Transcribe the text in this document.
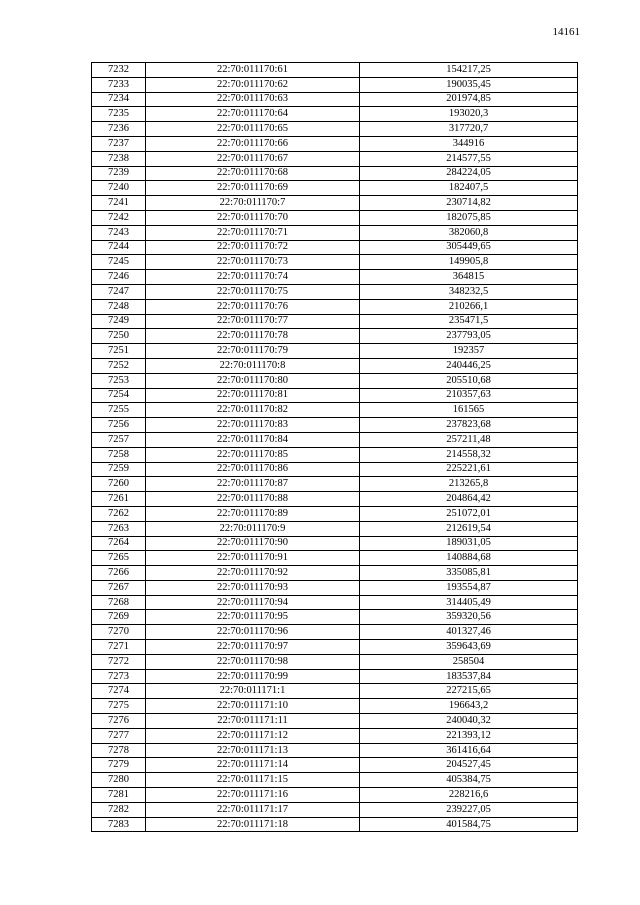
14161
7232	22:70:011170:61	154217,25
7233	22:70:011170:62	190035,45
7234	22:70:011170:63	201974,85
7235	22:70:011170:64	193020,3
7236	22:70:011170:65	317720,7
7237	22:70:011170:66	344916
7238	22:70:011170:67	214577,55
7239	22:70:011170:68	284224,05
7240	22:70:011170:69	182407,5
7241	22:70:011170:7	230714,82
7242	22:70:011170:70	182075,85
7243	22:70:011170:71	382060,8
7244	22:70:011170:72	305449,65
7245	22:70:011170:73	149905,8
7246	22:70:011170:74	364815
7247	22:70:011170:75	348232,5
7248	22:70:011170:76	210266,1
7249	22:70:011170:77	235471,5
7250	22:70:011170:78	237793,05
7251	22:70:011170:79	192357
7252	22:70:011170:8	240446,25
7253	22:70:011170:80	205510,68
7254	22:70:011170:81	210357,63
7255	22:70:011170:82	161565
7256	22:70:011170:83	237823,68
7257	22:70:011170:84	257211,48
7258	22:70:011170:85	214558,32
7259	22:70:011170:86	225221,61
7260	22:70:011170:87	213265,8
7261	22:70:011170:88	204864,42
7262	22:70:011170:89	251072,01
7263	22:70:011170:9	212619,54
7264	22:70:011170:90	189031,05
7265	22:70:011170:91	140884,68
7266	22:70:011170:92	335085,81
7267	22:70:011170:93	193554,87
7268	22:70:011170:94	314405,49
7269	22:70:011170:95	359320,56
7270	22:70:011170:96	401327,46
7271	22:70:011170:97	359643,69
7272	22:70:011170:98	258504
7273	22:70:011170:99	183537,84
7274	22:70:011171:1	227215,65
7275	22:70:011171:10	196643,2
7276	22:70:011171:11	240040,32
7277	22:70:011171:12	221393,12
7278	22:70:011171:13	361416,64
7279	22:70:011171:14	204527,45
7280	22:70:011171:15	405384,75
7281	22:70:011171:16	228216,6
7282	22:70:011171:17	239227,05
7283	22:70:011171:18	401584,75
